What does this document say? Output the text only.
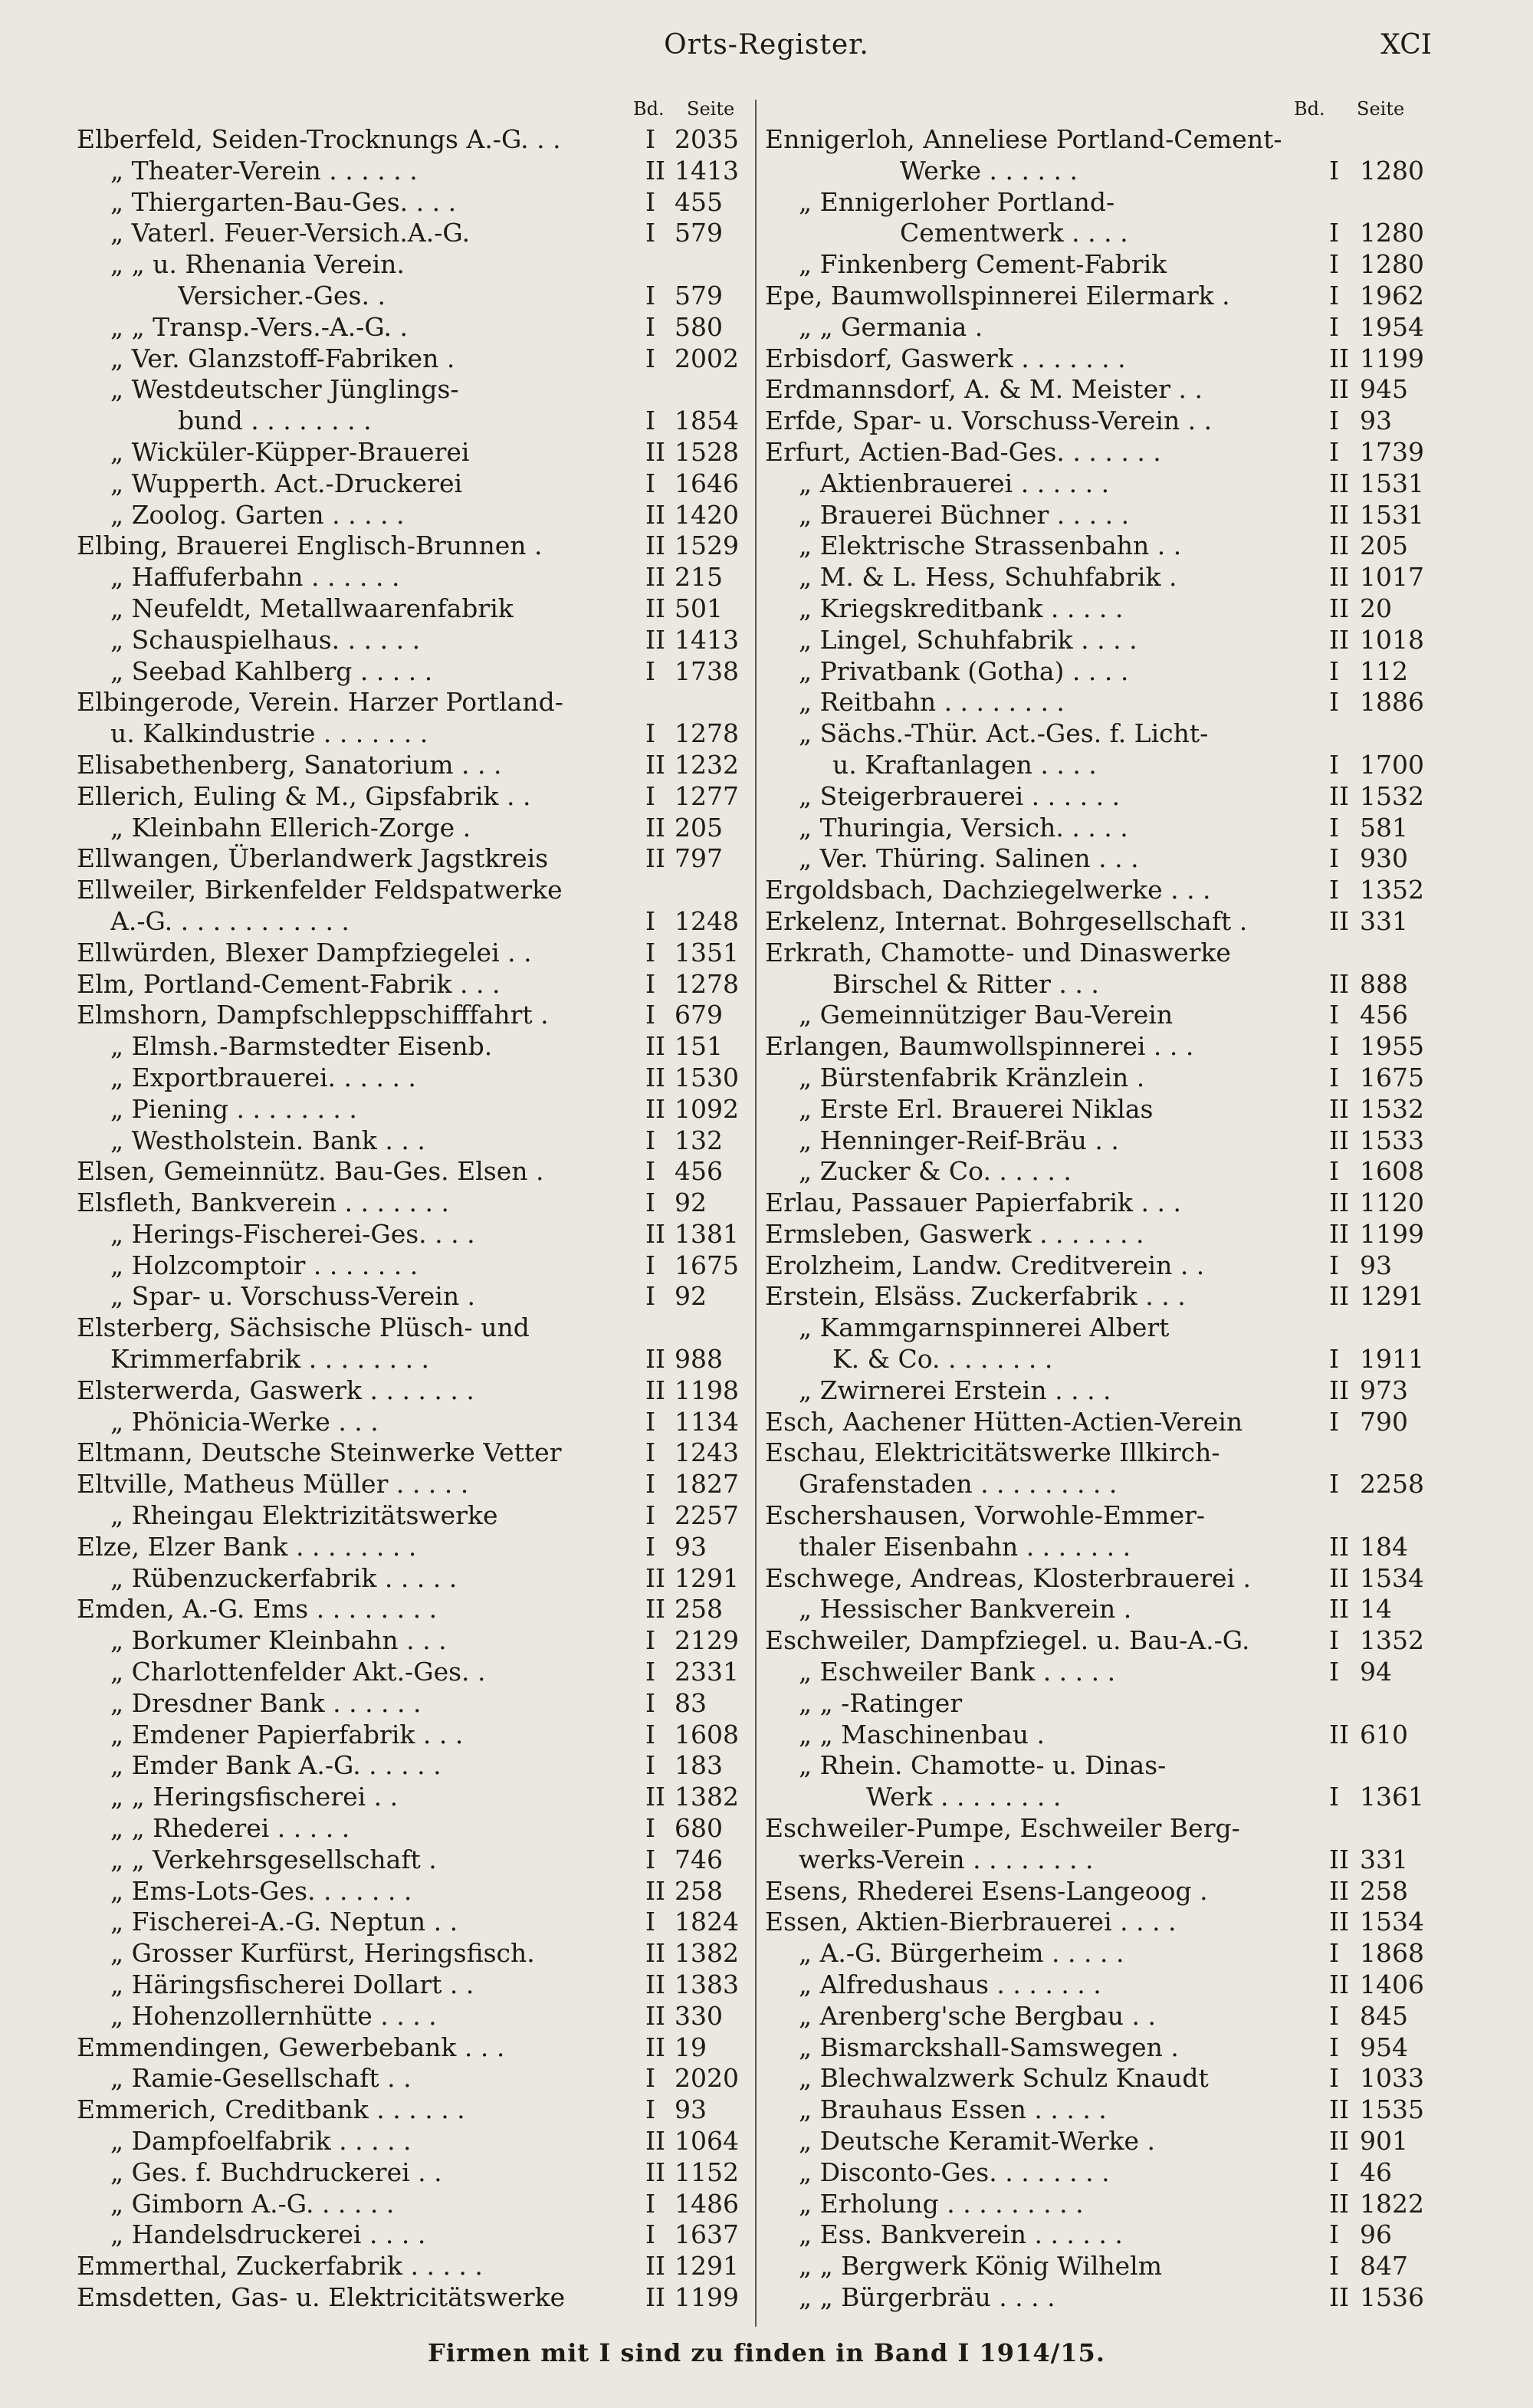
Orts-Register.	XCI
Bd. Seite
Elberfeld, Seiden-Trocknungs A.-G. . .	I 2035
„ Theater-Verein . . . . . .	II 1413
„ Thiergarten-Bau-Ges. . . .	I 455
„ Vaterl. Feuer-Versich.A.-G.	I 579
„ „ u. Rhenania Verein.
Versicher.-Ges. .	I 579
„ „ Transp.-Vers.-A.-G. .	I 580
„ Ver. Glanzstoff-Fabriken .	I 2002
„ Westdeutscher Jünglings-
bund . . . . . . . .	I 1854
„ Wicküler-Küpper-Brauerei	II 1528
„ Wupperth. Act.-Druckerei	I 1646
„ Zoolog. Garten . . . . .	II 1420
Elbing, Brauerei Englisch-Brunnen .	II 1529
„ Haffuferbahn . . . . . .	II 215
„ Neufeldt, Metallwaarenfabrik	II 501
„ Schauspielhaus. . . . . .	II 1413
„ Seebad Kahlberg . . . . .	I 1738
Elbingerode, Verein. Harzer Portland-
u. Kalkindustrie . . . . . . .	I 1278
Elisabethenberg, Sanatorium . . .	II 1232
Ellerich, Euling & M., Gipsfabrik . .	I 1277
„ Kleinbahn Ellerich-Zorge .	II 205
Ellwangen, Überlandwerk Jagstkreis	II 797
Ellweiler, Birkenfelder Feldspatwerke
A.-G. . . . . . . . . . . .	I 1248
Ellwürden, Blexer Dampfziegelei . .	I 1351
Elm, Portland-Cement-Fabrik . . .	I 1278
Elmshorn, Dampfschleppschifffahrt .	I 679
„ Elmsh.-Barmstedter Eisenb.	II 151
„ Exportbrauerei. . . . . .	II 1530
„ Piening . . . . . . . .	II 1092
„ Westholstein. Bank . . .	I 132
Elsen, Gemeinnütz. Bau-Ges. Elsen .	I 456
Elsfleth, Bankverein . . . . . . .	I 92
„ Herings-Fischerei-Ges. . . .	II 1381
„ Holzcomptoir . . . . . . .	I 1675
„ Spar- u. Vorschuss-Verein .	I 92
Elsterberg, Sächsische Plüsch- und
Krimmerfabrik . . . . . . . .	II 988
Elsterwerda, Gaswerk . . . . . . .	II 1198
„ Phönicia-Werke . . .	I 1134
Eltmann, Deutsche Steinwerke Vetter	I 1243
Eltville, Matheus Müller . . . . .	I 1827
„ Rheingau Elektrizitätswerke	I 2257
Elze, Elzer Bank . . . . . . . .	I 93
„ Rübenzuckerfabrik . . . . .	II 1291
Emden, A.-G. Ems . . . . . . . .	II 258
„ Borkumer Kleinbahn . . .	I 2129
„ Charlottenfelder Akt.-Ges. .	I 2331
„ Dresdner Bank . . . . . .	I 83
„ Emdener Papierfabrik . . .	I 1608
„ Emder Bank A.-G. . . . . .	I 183
„ „ Heringsfischerei . .	II 1382
„ „ Rhederei . . . . .	I 680
„ „ Verkehrsgesellschaft .	I 746
„ Ems-Lots-Ges. . . . . . .	II 258
„ Fischerei-A.-G. Neptun . .	I 1824
„ Grosser Kurfürst, Heringsfisch.	II 1382
„ Häringsfischerei Dollart . .	II 1383
„ Hohenzollernhütte . . . .	II 330
Emmendingen, Gewerbebank . . .	II 19
„ Ramie-Gesellschaft . .	I 2020
Emmerich, Creditbank . . . . . .	I 93
„ Dampfoelfabrik . . . . .	II 1064
„ Ges. f. Buchdruckerei . .	II 1152
„ Gimborn A.-G. . . . . .	I 1486
„ Handelsdruckerei . . . .	I 1637
Emmerthal, Zuckerfabrik . . . . .	II 1291
Emsdetten, Gas- u. Elektricitätswerke	II 1199
Bd. Seite
Ennigerloh, Anneliese Portland-Cement-
Werke . . . . . .	I 1280
„ Ennigerloher Portland-
Cementwerk . . . .	I 1280
„ Finkenberg Cement-Fabrik	I 1280
Epe, Baumwollspinnerei Eilermark .	I 1962
„ „ Germania .	I 1954
Erbisdorf, Gaswerk . . . . . . .	II 1199
Erdmannsdorf, A. & M. Meister . .	II 945
Erfde, Spar- u. Vorschuss-Verein . .	I 93
Erfurt, Actien-Bad-Ges. . . . . . .	I 1739
„ Aktienbrauerei . . . . . .	II 1531
„ Brauerei Büchner . . . . .	II 1531
„ Elektrische Strassenbahn . .	II 205
„ M. & L. Hess, Schuhfabrik .	II 1017
„ Kriegskreditbank . . . . .	II 20
„ Lingel, Schuhfabrik . . . .	II 1018
„ Privatbank (Gotha) . . . .	I 112
„ Reitbahn . . . . . . . .	I 1886
„ Sächs.-Thür. Act.-Ges. f. Licht-
u. Kraftanlagen . . . .	I 1700
„ Steigerbrauerei . . . . . .	II 1532
„ Thuringia, Versich. . . . .	I 581
„ Ver. Thüring. Salinen . . .	I 930
Ergoldsbach, Dachziegelwerke . . .	I 1352
Erkelenz, Internat. Bohrgesellschaft .	II 331
Erkrath, Chamotte- und Dinaswerke
Birschel & Ritter . . .	II 888
„ Gemeinnütziger Bau-Verein	I 456
Erlangen, Baumwollspinnerei . . .	I 1955
„ Bürstenfabrik Kränzlein .	I 1675
„ Erste Erl. Brauerei Niklas	II 1532
„ Henninger-Reif-Bräu . .	II 1533
„ Zucker & Co. . . . . .	I 1608
Erlau, Passauer Papierfabrik . . .	II 1120
Ermsleben, Gaswerk . . . . . . .	II 1199
Erolzheim, Landw. Creditverein . .	I 93
Erstein, Elsäss. Zuckerfabrik . . .	II 1291
„ Kammgarnspinnerei Albert
K. & Co. . . . . . . .	I 1911
„ Zwirnerei Erstein . . . .	II 973
Esch, Aachener Hütten-Actien-Verein	I 790
Eschau, Elektricitätswerke Illkirch-
Grafenstaden . . . . . . . . .	I 2258
Eschershausen, Vorwohle-Emmer-
thaler Eisenbahn . . . . . . .	II 184
Eschwege, Andreas, Klosterbrauerei .	II 1534
„ Hessischer Bankverein .	II 14
Eschweiler, Dampfziegel. u. Bau-A.-G.	I 1352
„ Eschweiler Bank . . . . .	I 94
„ „ -Ratinger
„ „ Maschinenbau .	II 610
„ Rhein. Chamotte- u. Dinas-
Werk . . . . . . . .	I 1361
Eschweiler-Pumpe, Eschweiler Berg-
werks-Verein . . . . . . . .	II 331
Esens, Rhederei Esens-Langeoog .	II 258
Essen, Aktien-Bierbrauerei . . . .	II 1534
„ A.-G. Bürgerheim . . . . .	I 1868
„ Alfredushaus . . . . . . .	II 1406
„ Arenberg'sche Bergbau . .	I 845
„ Bismarckshall-Samswegen .	I 954
„ Blechwalzwerk Schulz Knaudt	I 1033
„ Brauhaus Essen . . . . .	II 1535
„ Deutsche Keramit-Werke .	II 901
„ Disconto-Ges. . . . . . . .	I 46
„ Erholung . . . . . . . . .	II 1822
„ Ess. Bankverein . . . . . .	I 96
„ „ Bergwerk König Wilhelm	I 847
„ „ Bürgerbräu . . . .	II 1536
Firmen mit I sind zu finden in Band I 1914/15.
